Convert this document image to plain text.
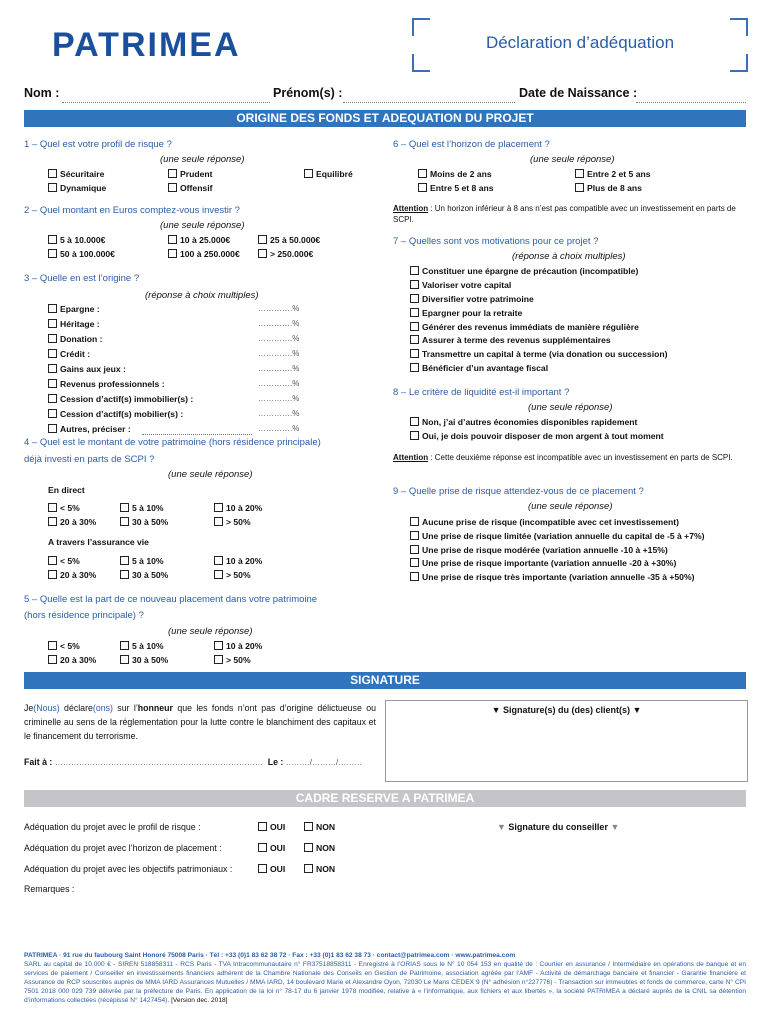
PATRIMEA	Déclaration d’adéquation
Nom :	Prénom(s) :	Date de Naissance :
ORIGINE DES FONDS ET ADEQUATION DU PROJET
1 – Quel est votre profil de risque ?
(une seule réponse)
Sécuritaire	Prudent	Equilibré
Dynamique	Offensif
2 – Quel montant en Euros comptez-vous investir ?
(une seule réponse)
5 à 10.000€	10 à 25.000€	25 à 50.000€
50 à 100.000€	100 à 250.000€	> 250.000€
3 – Quelle en est l’origine ?
(réponse à choix multiples)
Epargne :	………….%
Héritage :	………….%
Donation :	………….%
Crédit :	………….%
Gains aux jeux :	………….%
Revenus professionnels :	………….%
Cession d’actif(s) immobilier(s) :	………….%
Cession d’actif(s) mobilier(s) :	………….%
Autres, préciser :	………….%
4 – Quel est le montant de votre patrimoine (hors résidence principale)
déjà investi en parts de SCPI ?
(une seule réponse)
En direct
< 5%	5 à 10%	10 à 20%
20 à 30%	30 à 50%	> 50%
A travers l’assurance vie
< 5%	5 à 10%	10 à 20%
20 à 30%	30 à 50%	> 50%
5 – Quelle est la part de ce nouveau placement dans votre patrimoine
(hors résidence principale) ?
(une seule réponse)
< 5%	5 à 10%	10 à 20%
20 à 30%	30 à 50%	> 50%
6 – Quel est l’horizon de placement ?
(une seule réponse)
Moins de 2 ans	Entre 2 et 5 ans
Entre 5 et 8 ans	Plus de 8 ans
Attention : Un horizon inférieur à 8 ans n’est pas compatible avec un investissement en parts de SCPI.
7 – Quelles sont vos motivations pour ce projet ?
(réponse à choix multiples)
Constituer une épargne de précaution (incompatible)
Valoriser votre capital
Diversifier votre patrimoine
Epargner pour la retraite
Générer des revenus immédiats de manière régulière
Assurer à terme des revenus supplémentaires
Transmettre un capital à terme (via donation ou succession)
Bénéficier d’un avantage fiscal
8 – Le critère de liquidité est-il important ?
(une seule réponse)
Non, j’ai d’autres économies disponibles rapidement
Oui, je dois pouvoir disposer de mon argent à tout moment
Attention : Cette deuxième réponse est incompatible avec un investissement en parts de SCPI.
9 – Quelle prise de risque attendez-vous de ce placement ?
(une seule réponse)
Aucune prise de risque (incompatible avec cet investissement)
Une prise de risque limitée (variation annuelle du capital de -5 à +7%)
Une prise de risque modérée (variation annuelle -10 à +15%)
Une prise de risque importante (variation annuelle -20 à +30%)
Une prise de risque très importante (variation annuelle -35 à +50%)
SIGNATURE
Je(Nous) déclare(ons) sur l’honneur que les fonds n’ont pas d’origine délictueuse ou criminelle au sens de la réglementation pour la lutte contre le blanchiment des capitaux et le financement du terrorisme.
Fait à : …………………………………………………………………… Le : ………/………/………
▼ Signature(s) du (des) client(s) ▼
CADRE RESERVE A PATRIMEA
Adéquation du projet avec le profil de risque :	OUI	NON
Adéquation du projet avec l’horizon de placement :	OUI	NON
Adéquation du projet avec les objectifs patrimoniaux :	OUI	NON
Remarques :
▼ Signature du conseiller ▼
PATRIMEA · 91 rue du faubourg Saint Honoré 75008 Paris · Tél : +33 (0)1 83 62 38 72 · Fax : +33 (0)1 83 62 38 73 · contact@patrimea.com · www.patrimea.com
SARL au capital de 10.000 € - SIREN 518858311 - RCS Paris - TVA Intracommunautaire n° FR37518858311 - Enregistré à l’ORIAS sous le N° 10 054 153 en qualité de : Courtier en assurance / Intermédiaire en opérations de banque et en services de paiement / Conseiller en investissements financiers adhérent de la Chambre Nationale des Conseils en Gestion de Patrimoine, association agréée par l’AMF - Activité de démarchage bancaire et financier - Garantie financière et Assurance de RCP souscrites auprès de MMA IARD Assurances Mutuelles / MMA IARD, 14 boulevard Marie et Alexandre Oyon, 72030 Le Mans CEDEX 9 (N° adhésion n°227776) - Transaction sur immeubles et fonds de commerce, carte N° CPI 7501 2018 000 029 739 délivrée par la préfecture de Paris. En application de la loi n° 78-17 du 6 janvier 1978 modifiée, relative à « l’informatique, aux fichiers et aux libertés », la société PATRIMEA a déclaré auprès de la CNIL sa détention d’informations collectées (récépissé N° 1427454). [Version dec. 2018]
